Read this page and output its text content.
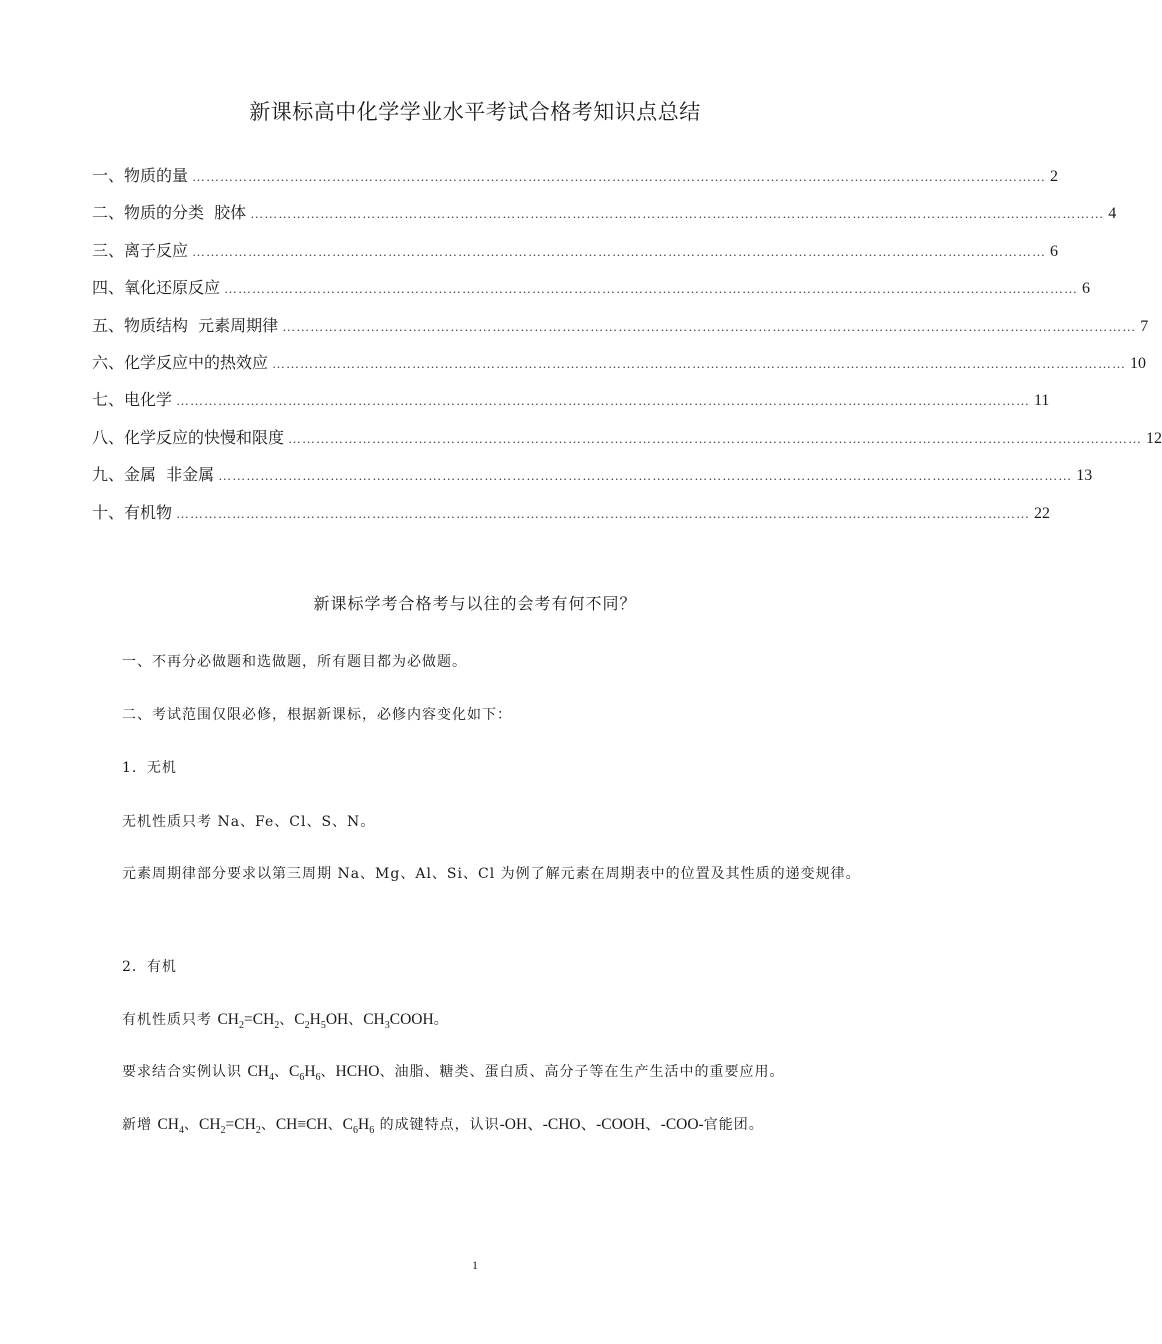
新课标高中化学学业水平考试合格考知识点总结
一、物质的量 ………………………………………………………………………………………………………………………………………………………………… 2
二、物质的分类  胶体 ………………………………………………………………………………………………………………………………………………………………… 4
三、离子反应 ………………………………………………………………………………………………………………………………………………………………… 6
四、氧化还原反应 ………………………………………………………………………………………………………………………………………………………………… 6
五、物质结构  元素周期律 ………………………………………………………………………………………………………………………………………………………………… 7
六、化学反应中的热效应 ………………………………………………………………………………………………………………………………………………………………… 10
七、电化学 ………………………………………………………………………………………………………………………………………………………………… 11
八、化学反应的快慢和限度 ………………………………………………………………………………………………………………………………………………………………… 12
九、金属  非金属 ………………………………………………………………………………………………………………………………………………………………… 13
十、有机物 ………………………………………………………………………………………………………………………………………………………………… 22
新课标学考合格考与以往的会考有何不同？
一、不再分必做题和选做题，所有题目都为必做题。
二、考试范围仅限必修，根据新课标，必修内容变化如下：
1．无机
无机性质只考 Na、Fe、Cl、S、N。
元素周期律部分要求以第三周期 Na、Mg、Al、Si、Cl 为例了解元素在周期表中的位置及其性质的递变规律。
2．有机
有机性质只考 $CH_2=CH_2$、$C_2H_5OH$、$CH_3COOH$。
要求结合实例认识 $CH_4$、$C_6H_6$、HCHO、油脂、糖类、蛋白质、高分子等在生产生活中的重要应用。
新增 $CH_4$、$CH_2=CH_2$、CH≡CH、$C_6H_6$ 的成键特点，认识-OH、-CHO、-COOH、-COO-官能团。
1
